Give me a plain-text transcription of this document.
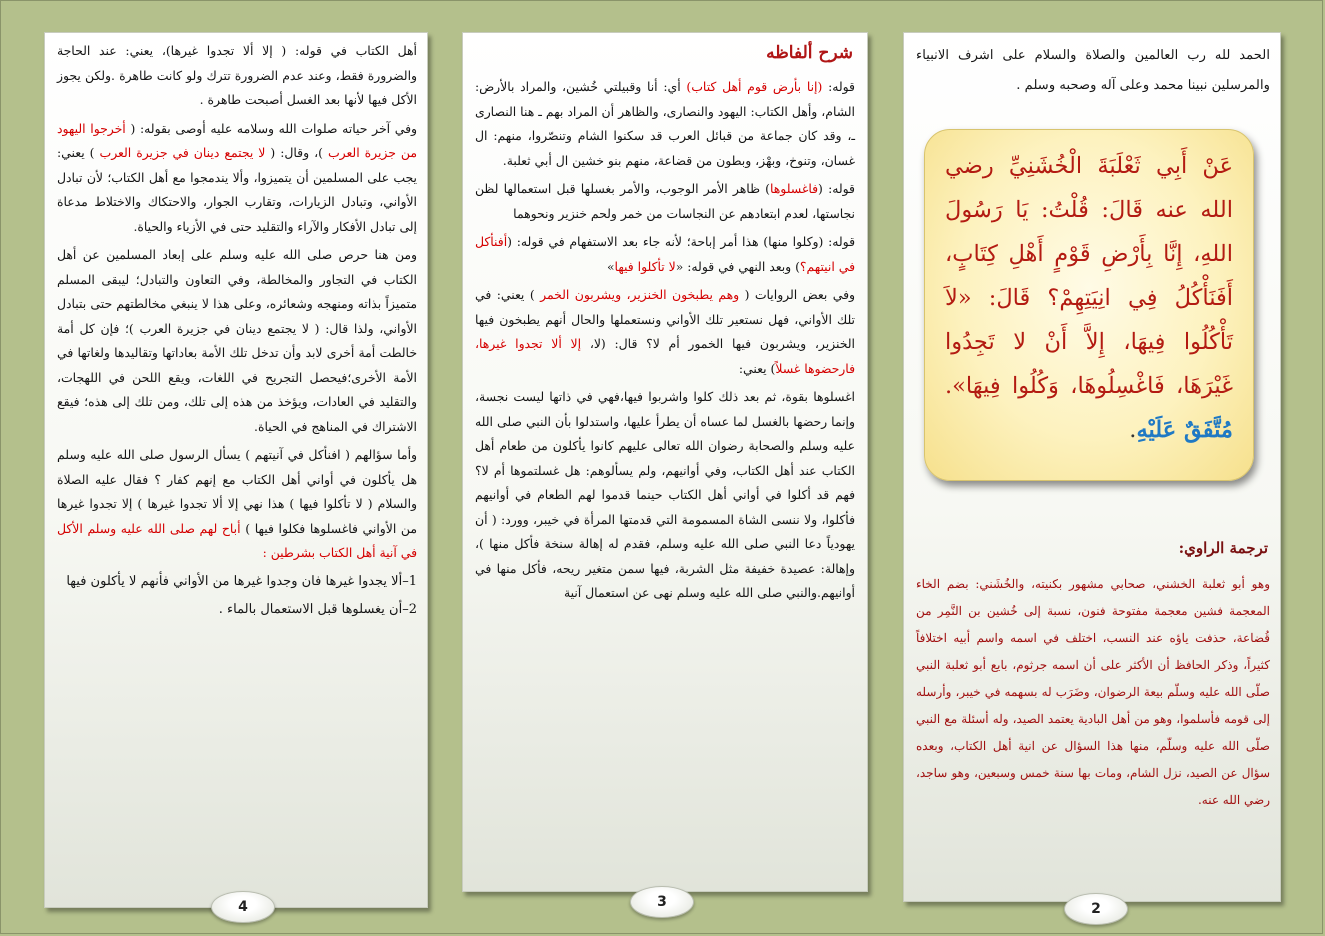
أهل الكتاب في قوله: ( إلا ألا تجدوا غيرها)، يعني: عند الحاجة والضرورة فقط، وعند عدم الضرورة تترك ولو كانت طاهرة .ولكن يجوز الأكل فيها لأنها بعد الغسل أصبحت طاهرة .

وفي آخر حياته صلوات الله وسلامه عليه أوصى بقوله: ( أخرجوا اليهود من جزيرة العرب )، وقال: ( لا يجتمع دينان في جزيرة العرب ) يعني: يجب على المسلمين أن يتميزوا، وألا يندمجوا مع أهل الكتاب؛ لأن تبادل الأواني، وتبادل الزيارات، وتقارب الجوار، والاحتكاك والاختلاط مدعاة إلى تبادل الأفكار والآراء والتقليد حتى في الأزياء والحياة.

ومن هنا حرص صلى الله عليه وسلم على إبعاد المسلمين عن أهل الكتاب في التجاور والمخالطة، وفي التعاون والتبادل؛ ليبقى المسلم متميزاً بذاته ومنهجه وشعائره، وعلى هذا لا ينبغي مخالطتهم حتى بتبادل الأواني، ولذا قال: ( لا يجتمع دينان في جزيرة العرب )؛ فإن كل أمة خالطت أمة أخرى لابد وأن تدخل تلك الأمة بعاداتها وتقاليدها ولغاتها في الأمة الأخرى؛فيحصل التجريح في اللغات، ويقع اللحن في اللهجات، والتقليد في العادات، ويؤخذ من هذه إلى تلك، ومن تلك إلى هذه؛ فيقع الاشتراك في المناهج في الحياة.

وأما سؤالهم ( افنأكل في آنيتهم ) يسأل الرسول صلى الله عليه وسلم هل يأكلون في أواني أهل الكتاب مع إنهم كفار ؟ فقال عليه الصلاة والسلام ( لا تأكلوا فيها ) هذا نهي إلا ألا تجدوا غيرها ) إلا تجدوا غيرها من الأواني فاغسلوها فكلوا فيها ) أباح لهم صلى الله عليه وسلم الأكل في آنية أهل الكتاب بشرطين :

1–ألا يجدوا غيرها فان وجدوا غيرها من الأواني فأنهم لا يأكلون فيها

2–أن يغسلوها قبل الاستعمال بالماء .

4
شرح ألفاظه

قوله: (إنا بأرض قوم أهل كتاب) أي: أنا وقبيلتي خُشين، والمراد بالأرض: الشام، وأهل الكتاب: اليهود والنصارى، والظاهر أن المراد بهم ـ هنا النصارى ـ، وقد كان جماعة من قبائل العرب قد سكنوا الشام وتنصّروا، منهم: ال غسان، وتنوخ، وبهْز، وبطون من قضاعة، منهم بنو خشين ال أبي ثعلبة.

قوله: (فاغسلوها) ظاهر الأمر الوجوب، والأمر بغسلها قبل استعمالها لظن نجاستها، لعدم ابتعادهم عن النجاسات من خمر ولحم خنزير ونحوهما

قوله: (وكلوا منها) هذا أمر إباحة؛ لأنه جاء بعد الاستفهام في قوله: (أفنأكل في انيتهم؟) وبعد النهي في قوله: «لا تأكلوا فيها»

وفي بعض الروايات ( وهم يطبخون الخنزير، ويشربون الخمر ) يعني: في تلك الأواني، فهل نستعير تلك الأواني ونستعملها والحال أنهم يطبخون فيها الخنزير، ويشربون فيها الخمور أم لا؟ قال: (لا، إلا ألا تجدوا غيرها، فارحضوها غسلاً) يعني:

اغسلوها بقوة، ثم بعد ذلك كلوا واشربوا فيها،فهي في ذاتها ليست نجسة، وإنما رحضها بالغسل لما عساه أن يطرأ عليها، واستدلوا بأن النبي صلى الله عليه وسلم والصحابة رضوان الله تعالى عليهم كانوا يأكلون من طعام أهل الكتاب عند أهل الكتاب، وفي أوانيهم، ولم يسألوهم: هل غسلتموها أم لا؟ فهم قد أكلوا في أواني أهل الكتاب حينما قدموا لهم الطعام في أوانيهم فأكلوا، ولا ننسى الشاة المسمومة التي قدمتها المرأة في خيبر، وورد: ( أن يهودياً دعا النبي صلى الله عليه وسلم، فقدم له إهالة سنخة فأكل منها )، وإهالة: عصيدة خفيفة مثل الشربة، فيها سمن متغير ريحه، فأكل منها في أوانيهم.والنبي صلى الله عليه وسلم نهى عن استعمال آنية

3
الحمد لله رب العالمين والصلاة والسلام على اشرف الانبياء والمرسلين نبينا محمد وعلى آله وصحبه وسلم .
عَنْ أَبِي ثَعْلَبَةَ الْخُشَنِيِّ رضي الله عنه قَالَ: قُلْتُ: يَا رَسُولَ اللهِ، إِنَّا بِأَرْضِ قَوْمٍ أَهْلِ كِتَابٍ، أَفَنَأْكُلُ فِي انِيَتِهِمْ؟ قَالَ: «لاَ تَأْكُلُوا فِيهَا، إِلاَّ أَنْ لا تَجِدُوا غَيْرَهَا، فَاغْسِلُوهَا، وَكُلُوا فِيهَا». مُتَّفَقٌ عَلَيْهِ.
ترجمة الراوي:
وهو أبو ثعلبة الخشني، صحابي مشهور بكنيته، والخُشَني: بضم الخاء المعجمة فشين معجمة مفتوحة فنون، نسبة إلى خُشين بن النَّمِر من قُضاعة، حذفت ياؤه عند النسب، اختلف في اسمه واسم أبيه اختلافاً كثيراً، وذكر الحافظ أن الأكثر على أن اسمه جرثوم، بايع أبو ثعلبة النبي صلّى الله عليه وسلّم بيعة الرضوان، وضَرَب له بسهمه في خيبر، وأرسله إلى قومه فأسلموا، وهو من أهل البادية يعتمد الصيد، وله أسئلة مع النبي صلّى الله عليه وسلّم، منها هذا السؤال عن انية أهل الكتاب، وبعده سؤال عن الصيد، نزل الشام، ومات بها سنة خمس وسبعين، وهو ساجد، رضي الله عنه.
2
